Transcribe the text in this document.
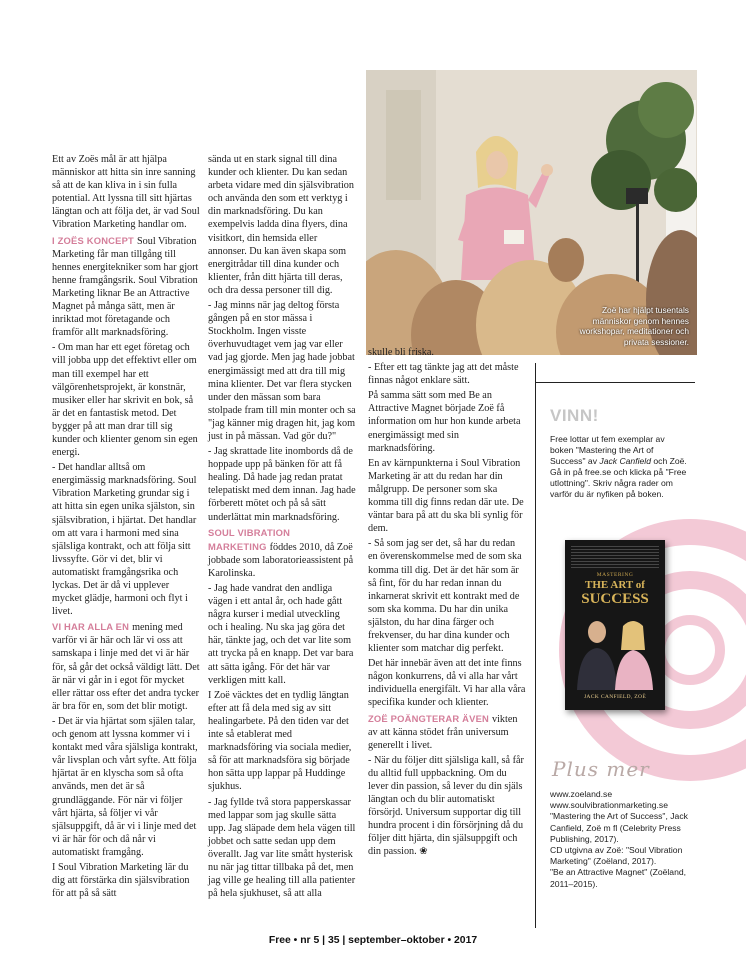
Ett av Zoës mål är att hjälpa människor att hitta sin inre sanning så att de kan kliva in i sin fulla potential. Att lyssna till sitt hjärtas längtan och att följa det, är vad Soul Vibration Marketing handlar om.

I ZOËS KONCEPT Soul Vibration Marketing får man tillgång till hennes energitekniker som har gjort henne framgångsrik. Soul Vibration Marketing liknar Be an Attractive Magnet på många sätt, men är inriktad mot företagande och framför allt marknadsföring.

- Om man har ett eget företag och vill jobba upp det effektivt eller om man till exempel har ett välgörenhetsprojekt, är konstnär, musiker eller har skrivit en bok, så är det en fantastisk metod. Det bygger på att man drar till sig kunder och klienter genom sin egen energi.

- Det handlar alltså om energimässig marknadsföring. Soul Vibration Marketing grundar sig i att hitta sin egen unika själston, sin själsvibration, i hjärtat. Det handlar om att vara i harmoni med sina själsliga kontrakt, och att följa sitt livssyfte. Gör vi det, blir vi automatiskt framgångsrika och lyckas. Det är då vi upplever mycket glädje, harmoni och flyt i livet.

VI HAR ALLA EN mening med varför vi är här och lär vi oss att samskapa i linje med det vi är här för, så går det också väldigt lätt. Det är när vi går in i egot för mycket eller rättar oss efter det andra tycker är bra för en, som det blir motigt.

- Det är via hjärtat som själen talar, och genom att lyssna kommer vi i kontakt med våra själsliga kontrakt, vår livsplan och vårt syfte. Att följa hjärtat är en klyscha som så ofta används, men det är så grundläggande. För när vi följer vårt hjärta, så följer vi vår själsuppgift, då är vi i linje med det vi är här för och då når vi automatiskt framgång.

I Soul Vibration Marketing lär du dig att förstärka din själsvibration för att på så sätt

sända ut en stark signal till dina kunder och klienter. Du kan sedan arbeta vidare med din själsvibration och använda den som ett verktyg i din marknadsföring. Du kan exempelvis ladda dina flyers, dina visitkort, din hemsida eller annonser. Du kan även skapa som energitrådar till dina kunder och klienter, från ditt hjärta till deras, och dra dessa personer till dig.

- Jag minns när jag deltog första gången på en stor mässa i Stockholm. Ingen visste överhuvudtaget vem jag var eller vad jag gjorde. Men jag hade jobbat energimässigt med att dra till mig mina klienter. Det var flera stycken under den mässan som bara stolpade fram till min monter och sa "jag känner mig dragen hit, jag kom just in på mässan. Vad gör du?"

- Jag skrattade lite inombords då de hoppade upp på bänken för att få healing. Då hade jag redan pratat telepatiskt med dem innan. Jag hade förberett mötet och på så sätt underlättat min marknadsföring.

SOUL VIBRATION MARKETING föddes 2010, då Zoë jobbade som laboratorieassistent på Karolinska.

- Jag hade vandrat den andliga vägen i ett antal år, och hade gått några kurser i medial utveckling och i healing. Nu ska jag göra det här, tänkte jag, och det var lite som att trycka på en knapp. Det var bara att sätta igång. För det här var verkligen mitt kall.

I Zoë väcktes det en tydlig längtan efter att få dela med sig av sitt healingarbete. På den tiden var det inte så etablerat med marknadsföring via sociala medier, så för att marknadsföra sig började hon sätta upp lappar på Huddinge sjukhus.

- Jag fyllde två stora papperskassar med lappar som jag skulle sätta upp. Jag släpade dem hela vägen till jobbet och satte sedan upp dem överallt. Jag var lite smått hysterisk nu när jag tittar tillbaka på det, men jag ville ge healing till alla patienter på hela sjukhuset, så att alla

Zoë har hjälpt tusentals människor genom hennes workshopar, meditationer och privata sessioner.

skulle bli friska.

- Efter ett tag tänkte jag att det måste finnas något enklare sätt.

På samma sätt som med Be an Attractive Magnet började Zoë få information om hur hon kunde arbeta energimässigt med sin marknadsföring.

En av kärnpunkterna i Soul Vibration Marketing är att du redan har din målgrupp. De personer som ska komma till dig finns redan där ute. De väntar bara på att du ska bli synlig för dem.

- Så som jag ser det, så har du redan en överenskommelse med de som ska komma till dig. Det är det här som är så fint, för du har redan innan du inkarnerat skrivit ett kontrakt med de som ska komma. Du har din unika själston, du har dina färger och frekvenser, du har dina kunder och klienter som matchar dig perfekt.

Det här innebär även att det inte finns någon konkurrens, då vi alla har vårt individuella energifält. Vi har alla våra specifika kunder och klienter.

ZOË POÄNGTERAR ÄVEN vikten av att känna stödet från universum generellt i livet.

- När du följer ditt själsliga kall, så får du alltid full uppbackning. Om du lever din passion, så lever du din själs längtan och du blir automatiskt försörjd. Universum supportar dig till hundra procent i din försörjning då du följer ditt hjärta, din själsuppgift och din passion. ❀

VINN!
Free lottar ut fem exemplar av boken "Mastering the Art of Success" av Jack Canfield och Zoë. Gå in på free.se och klicka på "Free utlottning". Skriv några rader om varför du är nyfiken på boken.
MASTERING
THE ART of
SUCCESS
JACK CANFIELD, ZOË
Plus mer
www.zoeland.se
www.soulvibrationmarketing.se
"Mastering the Art of Success", Jack Canfield, Zoë m fl (Celebrity Press Publishing, 2017).
CD utgivna av Zoë: "Soul Vibration Marketing" (Zoëland, 2017).
"Be an Attractive Magnet" (Zoëland, 2011–2015).
Free • nr 5 | 35 | september–oktober • 2017
